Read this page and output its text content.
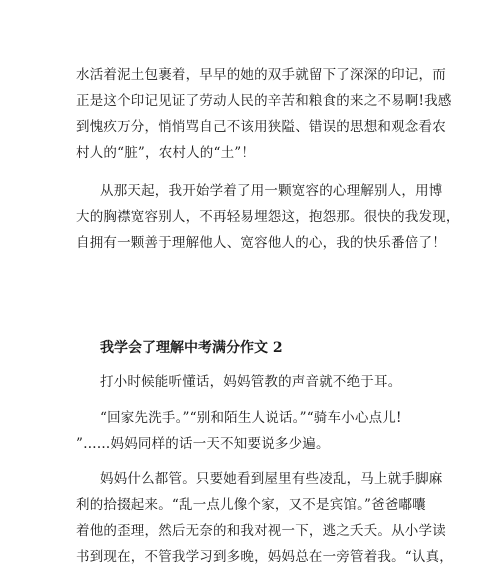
水活着泥土包裹着，早早的她的双手就留下了深深的印记，而
正是这个印记见证了劳动人民的辛苦和粮食的来之不易啊!我感
到愧疚万分，悄悄骂自己不该用狭隘、错误的思想和观念看农
村人的“脏”，农村人的“土”！

从那天起，我开始学着了用一颗宽容的心理解别人，用博
大的胸襟宽容别人，不再轻易埋怨这，抱怨那。很快的我发现，
自拥有一颗善于理解他人、宽容他人的心，我的快乐番倍了！

我学会了理解中考满分作文 2

打小时候能听懂话，妈妈管教的声音就不绝于耳。

“回家先洗手。”“别和陌生人说话。”“骑车小心点儿!
”……妈妈同样的话一天不知要说多少遍。

妈妈什么都管。只要她看到屋里有些凌乱，马上就手脚麻
利的拾掇起来。“乱一点儿像个家，又不是宾馆。”爸爸嘟囔
着他的歪理，然后无奈的和我对视一下，逃之夭夭。从小学读
书到现在，不管我学习到多晚，妈妈总在一旁管着我。“认真，
